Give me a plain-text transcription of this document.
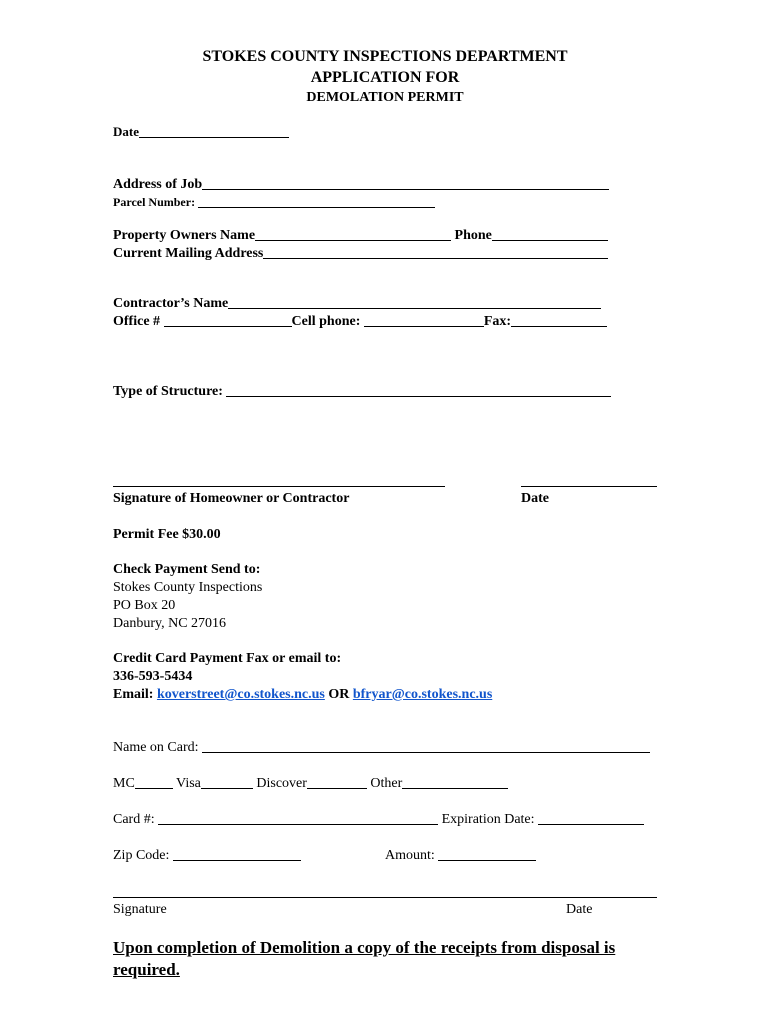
STOKES COUNTY INSPECTIONS DEPARTMENT
APPLICATION FOR
DEMOLATION PERMIT
Date
Address of Job
Parcel Number:
Property Owners Name	Phone
Current Mailing Address
Contractor’s Name
Office #	Cell phone:	Fax:
Type of Structure:
Signature of Homeowner or Contractor	Date
Permit Fee $30.00
Check Payment Send to:
Stokes County Inspections
PO Box 20
Danbury, NC 27016
Credit Card Payment Fax or email to:
336-593-5434
Email: koverstreet@co.stokes.nc.us OR bfryar@co.stokes.nc.us
Name on Card:
MC	Visa	Discover	Other
Card #:	Expiration Date:
Zip Code:	Amount:
Signature	Date
Upon completion of Demolition a copy of the receipts from disposal is required.
